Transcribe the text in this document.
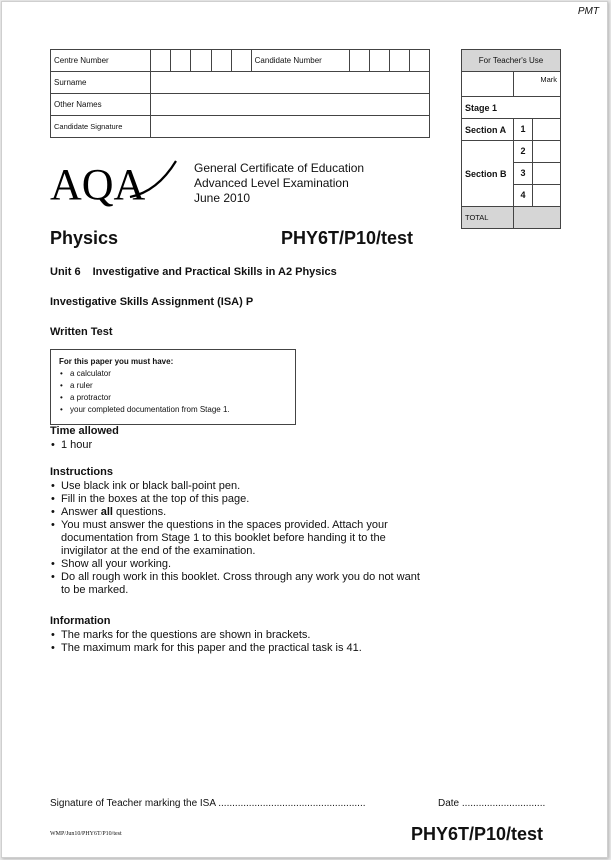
PMT
Centre Number						Candidate Number				
Surname										
Other Names										
Candidate Signature										
For Teacher's Use	
	Mark
Stage 1	
Section A	1
Section B	2
	3
	4
TOTAL	
AQA	General Certificate of Education
Advanced Level Examination
June 2010
Physics	PHY6T/P10/test
Unit 6 Investigative and Practical Skills in A2 Physics
Investigative Skills Assignment (ISA) P
Written Test
For this paper you must have:
• a calculator
• a ruler
• a protractor
• your completed documentation from Stage 1.
Time allowed
• 1 hour
Instructions
• Use black ink or black ball-point pen.
• Fill in the boxes at the top of this page.
• Answer all questions.
• You must answer the questions in the spaces provided. Attach your documentation from Stage 1 to this booklet before handing it to the invigilator at the end of the examination.
• Show all your working.
• Do all rough work in this booklet. Cross through any work you do not want to be marked.
Information
• The marks for the questions are shown in brackets.
• The maximum mark for this paper and the practical task is 41.
Signature of Teacher marking the ISA .....................................................	Date ..............................
WMP/Jun10/PHY6T/P10/test	PHY6T/P10/test
